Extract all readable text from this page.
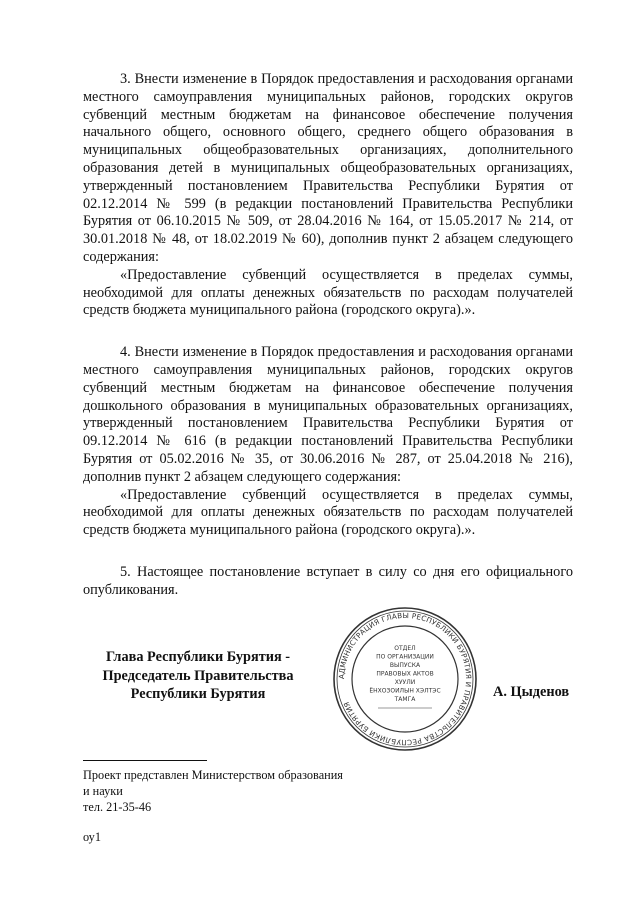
3. Внести изменение в Порядок предоставления и расходования органами местного самоуправления муниципальных районов, городских округов субвенций местным бюджетам на финансовое обеспечение получения начального общего, основного общего, среднего общего образования в муниципальных общеобразовательных организациях, дополнительного образования детей в муниципальных общеобразовательных организациях, утвержденный постановлением Правительства Республики Бурятия от 02.12.2014 № 599 (в редакции постановлений Правительства Республики Бурятия от 06.10.2015 № 509, от 28.04.2016 № 164, от 15.05.2017 № 214, от 30.01.2018 № 48, от 18.02.2019 № 60), дополнив пункт 2 абзацем следующего содержания:

«Предоставление субвенций осуществляется в пределах суммы, необходимой для оплаты денежных обязательств по расходам получателей средств бюджета муниципального района (городского округа).».

4. Внести изменение в Порядок предоставления и расходования органами местного самоуправления муниципальных районов, городских округов субвенций местным бюджетам на финансовое обеспечение получения дошкольного образования в муниципальных образовательных организациях, утвержденный постановлением Правительства Республики Бурятия от 09.12.2014 № 616 (в редакции постановлений Правительства Республики Бурятия от 05.02.2016 № 35, от 30.06.2016 № 287, от 25.04.2018 № 216), дополнив пункт 2 абзацем следующего содержания:

«Предоставление субвенций осуществляется в пределах суммы, необходимой для оплаты денежных обязательств по расходам получателей средств бюджета муниципального района (городского округа).».

5. Настоящее постановление вступает в силу со дня его официального опубликования.

Глава Республики Бурятия -
Председатель Правительства
Республики Бурятия
АДМИНИСТРАЦИЯ ГЛАВЫ РЕСПУБЛИКИ БУРЯТИЯ И ПРАВИТЕЛЬСТВА РЕСПУБЛИКИ БУРЯТИЯ
ОТДЕЛ
ПО ОРГАНИЗАЦИИ
ВЫПУСКА
ПРАВОВЫХ АКТОВ
ХУУЛИ
ЁНХОЗОИЛЫН ХЭЛТЭС
ТАМГА	А. Цыденов
Проект представлен Министерством образования
и науки
тел. 21-35-46
оу1
